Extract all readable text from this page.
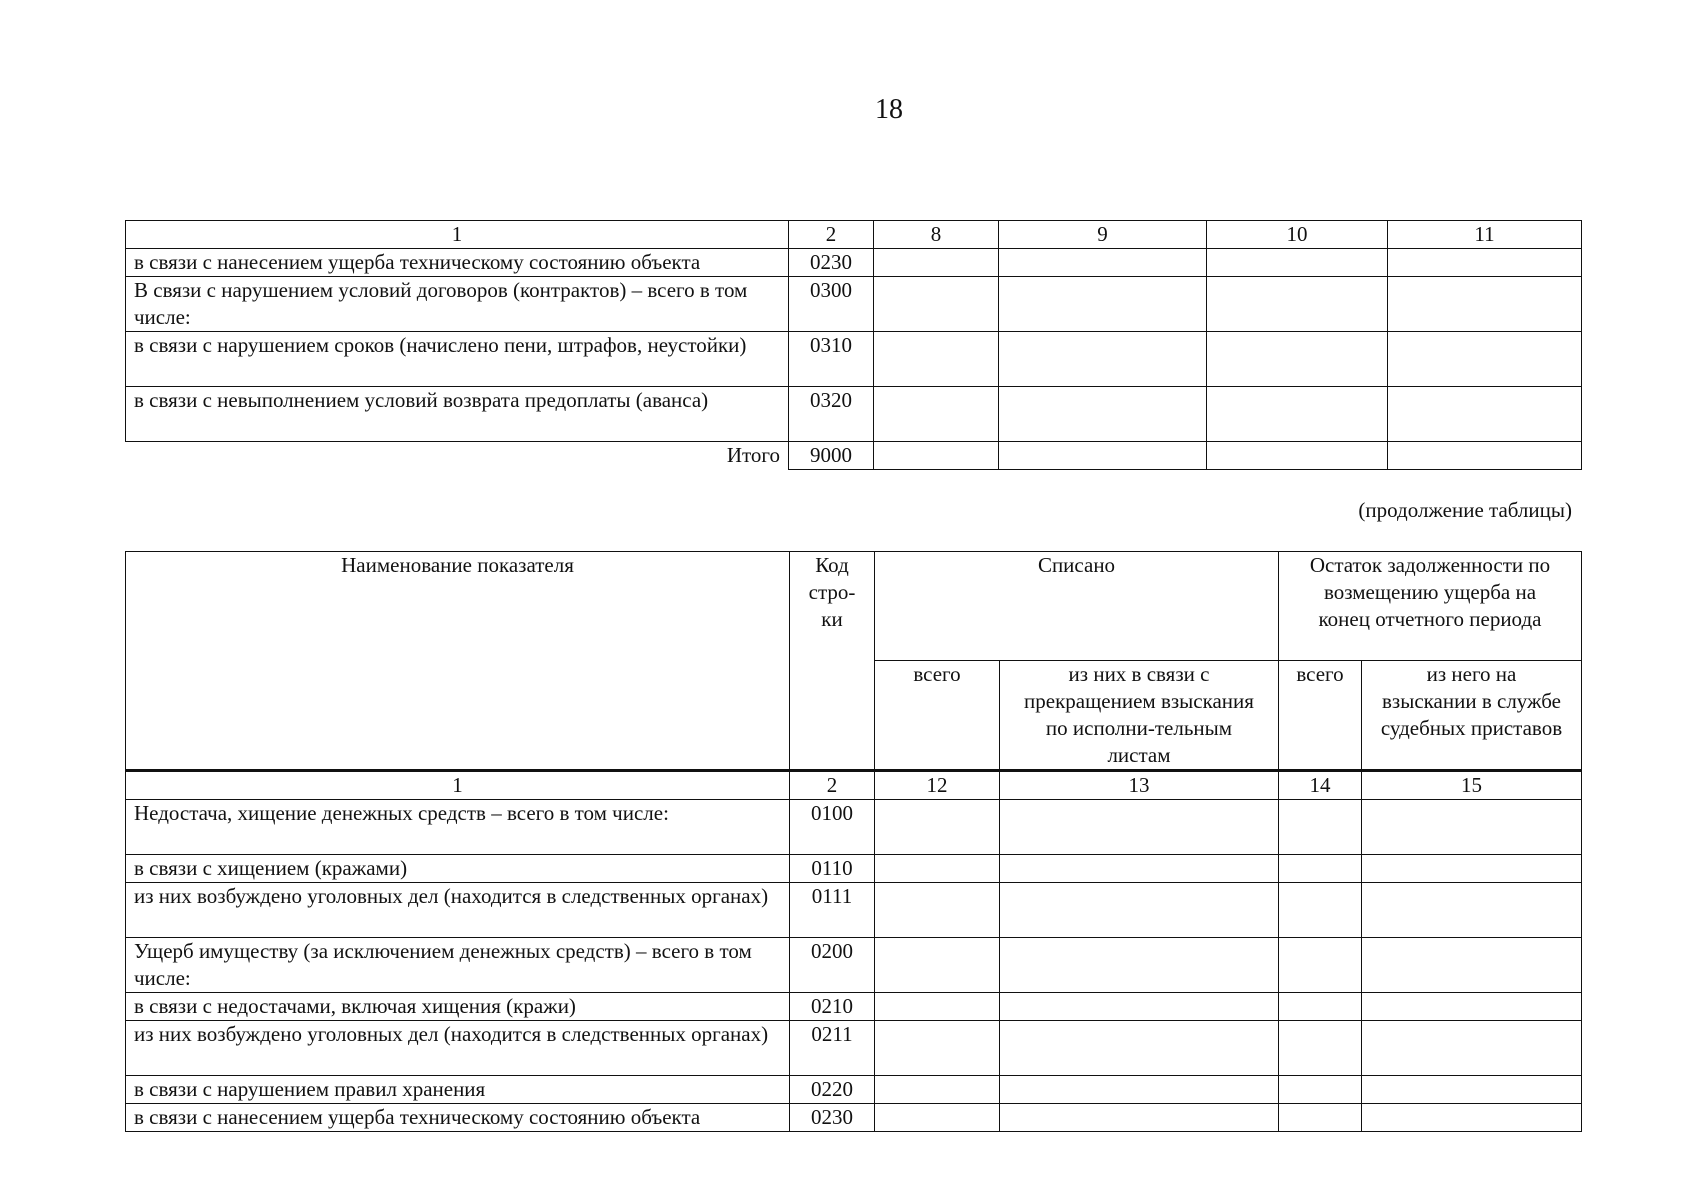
18
1	2	8	9	10	11
в связи с нанесением ущерба техническому состоянию объекта	0230				
В связи с нарушением условий договоров (контрактов) – всего в том числе:	0300				
в связи с нарушением сроков (начислено пени, штрафов, неустойки)	0310				
в связи с невыполнением условий возврата предоплаты (аванса)	0320				
Итого	9000				
(продолжение таблицы)
Наименование показателя	Код стро-ки	Списано		Остаток задолженности по возмещению ущерба на конец отчетного периода	
		всего	из них в связи с прекращением взыскания по исполни-тельным листам	всего	из него на взыскании в службе судебных приставов
1	2	12	13	14	15
Недостача, хищение денежных средств – всего в том числе:	0100				
в связи с хищением (кражами)	0110				
из них возбуждено уголовных дел (находится в следственных органах)	0111				
Ущерб имуществу (за исключением денежных средств) – всего в том числе:	0200				
в связи с недостачами, включая хищения (кражи)	0210				
из них возбуждено уголовных дел (находится в следственных органах)	0211				
в связи с нарушением правил хранения	0220				
в связи с нанесением ущерба техническому состоянию объекта	0230				
